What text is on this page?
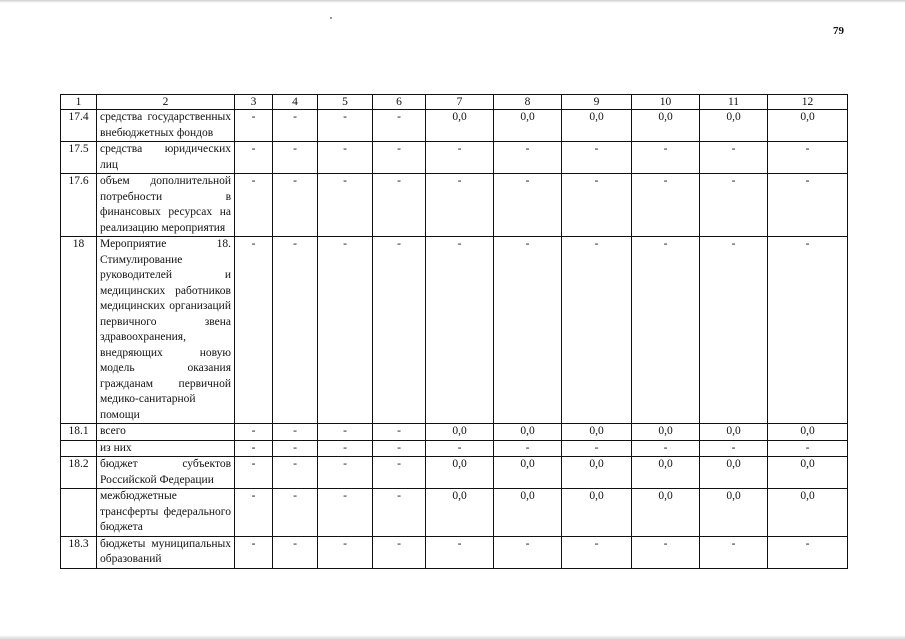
79
1	2	3	4	5	6	7	8	9	10	11	12
17.4	средства государственных внебюджетных фондов	-	-	-	-	0,0	0,0	0,0	0,0	0,0	0,0
17.5	средства юридических лиц	-	-	-	-	-	-	-	-	-	-
17.6	объем дополнительной потребности в финансовых ресурсах на реализацию мероприятия	-	-	-	-	-	-	-	-	-	-
18	Мероприятие 18. Стимулирование руководителей и медицинских работников медицинских организаций первичного звена здравоохранения, внедряющих новую модель оказания гражданам первичной медико-санитарной помощи	-	-	-	-	-	-	-	-	-	-
18.1	всего	-	-	-	-	0,0	0,0	0,0	0,0	0,0	0,0
	из них	-	-	-	-	-	-	-	-	-	-
18.2	бюджет субъектов Российской Федерации	-	-	-	-	0,0	0,0	0,0	0,0	0,0	0,0
	межбюджетные трансферты федерального бюджета	-	-	-	-	0,0	0,0	0,0	0,0	0,0	0,0
18.3	бюджеты муниципальных образований	-	-	-	-	-	-	-	-	-	-
